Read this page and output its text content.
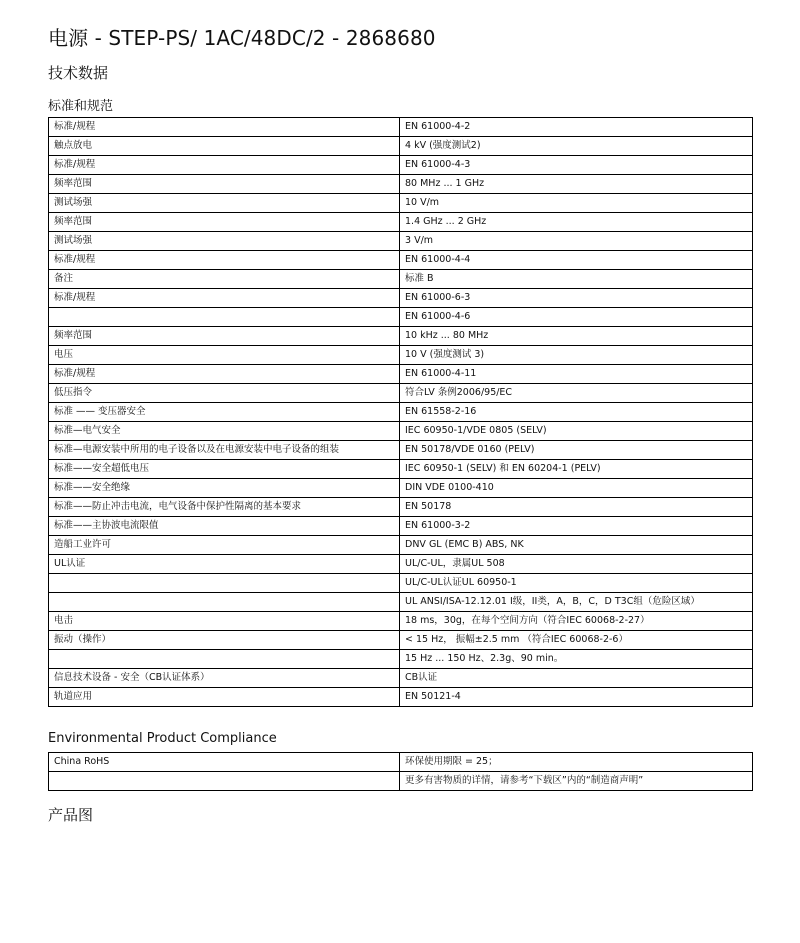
电源 - STEP-PS/ 1AC/48DC/2 - 2868680
技术数据
标准和规范
标准/规程	EN 61000-4-2
触点放电	4 kV (强度测试2)
标准/规程	EN 61000-4-3
频率范围	80 MHz ... 1 GHz
测试场强	10 V/m
频率范围	1.4 GHz ... 2 GHz
测试场强	3 V/m
标准/规程	EN 61000-4-4
备注	标准 B
标准/规程	EN 61000-6-3
	EN 61000-4-6
频率范围	10 kHz ... 80 MHz
电压	10 V (强度测试 3)
标准/规程	EN 61000-4-11
低压指令	符合LV 条例2006/95/EC
标准 —— 变压器安全	EN 61558-2-16
标准—电气安全	IEC 60950-1/VDE 0805 (SELV)
标准—电源安装中所用的电子设备以及在电源安装中电子设备的组装	EN 50178/VDE 0160 (PELV)
标准——安全超低电压	IEC 60950-1 (SELV) 和 EN 60204-1 (PELV)
标准——安全绝缘	DIN VDE 0100-410
标准——防止冲击电流，电气设备中保护性隔离的基本要求	EN 50178
标准——主协波电流限值	EN 61000-3-2
造船工业许可	DNV GL (EMC B) ABS, NK
UL认证	UL/C-UL，隶属UL 508
	UL/C-UL认证UL 60950-1
	UL ANSI/ISA-12.12.01 I级，II类，A，B，C，D T3C组（危险区域）
电击	18 ms，30g，在每个空间方向（符合IEC 60068-2-27）
振动（操作）	< 15 Hz， 振幅±2.5 mm （符合IEC 60068-2-6）
	15 Hz ... 150 Hz、2.3g、90 min。
信息技术设备 - 安全（CB认证体系）	CB认证
轨道应用	EN 50121-4
Environmental Product Compliance
China RoHS	环保使用期限 = 25；
	更多有害物质的详情，请参考“下载区”内的“制造商声明”
产品图
